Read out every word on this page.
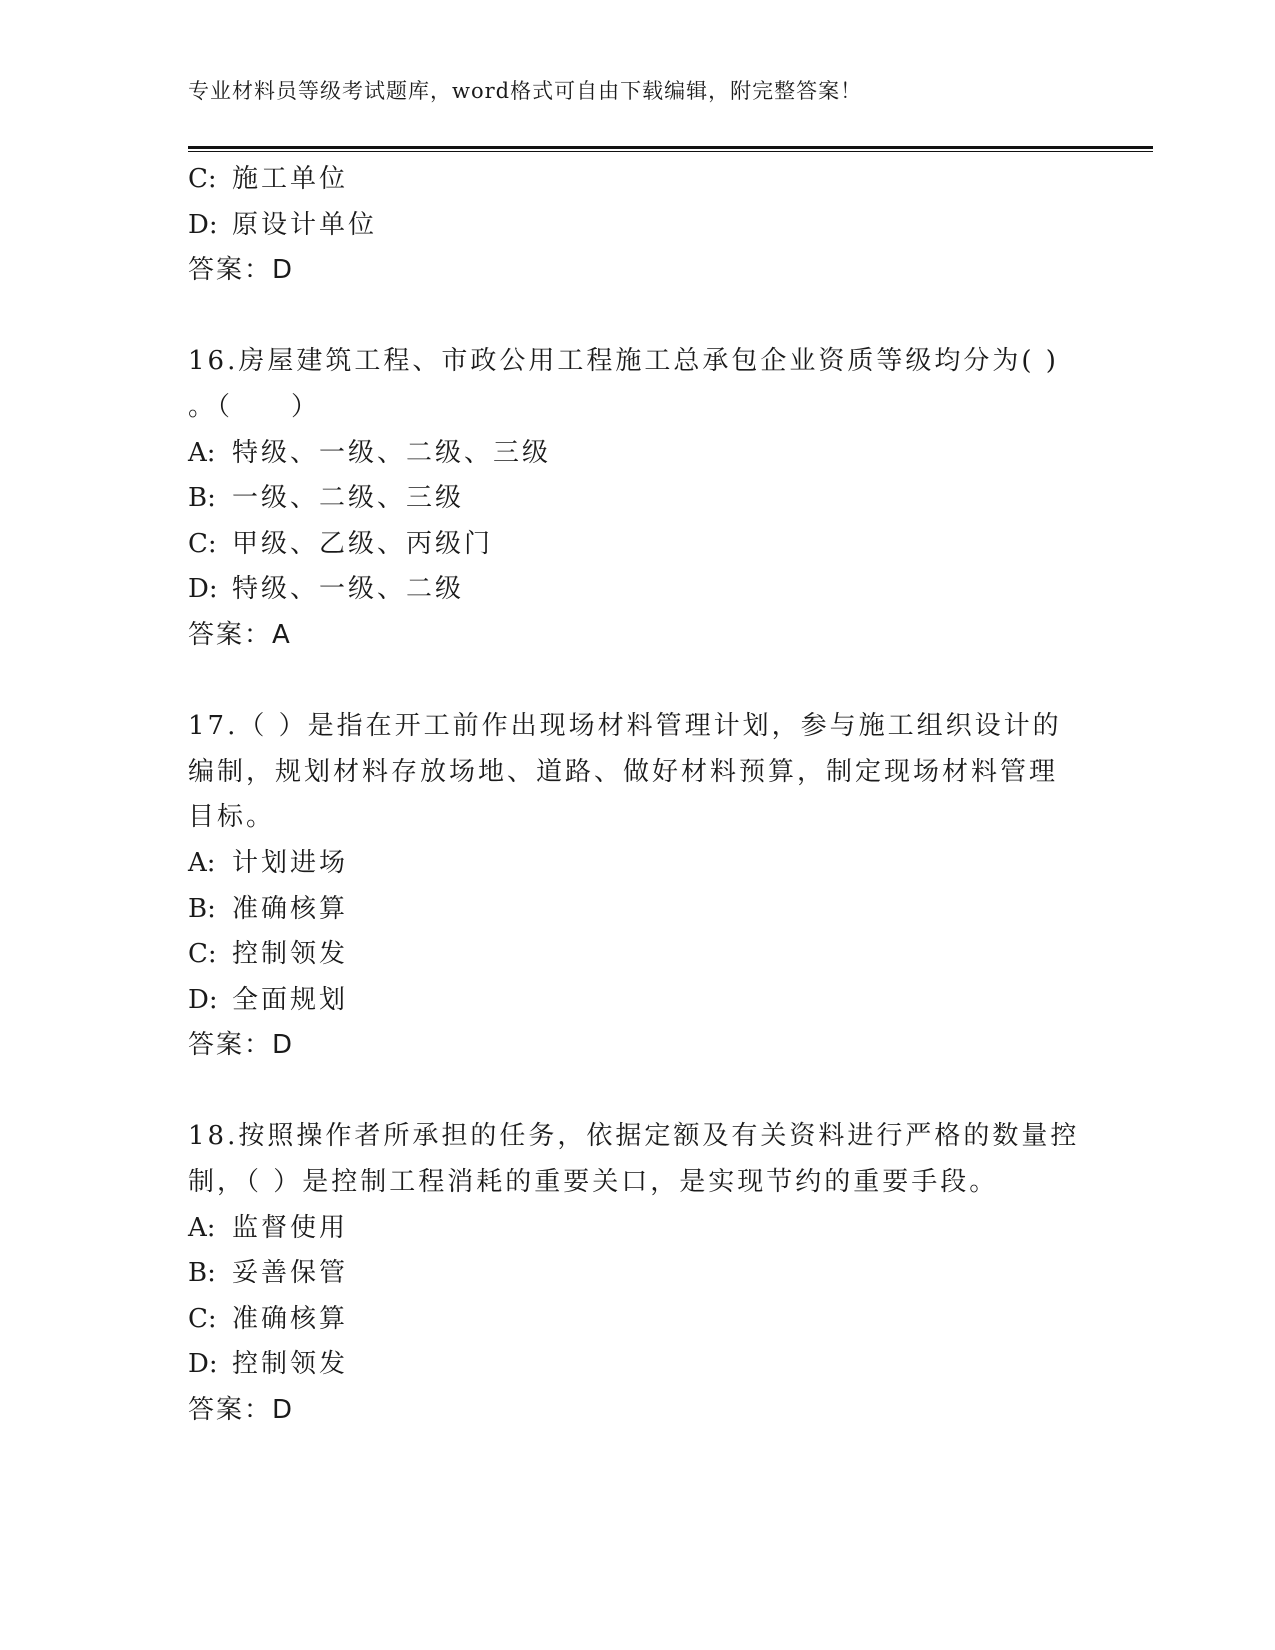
专业材料员等级考试题库，word格式可自由下载编辑，附完整答案！
C: 施工单位
D: 原设计单位
答案：D
16.房屋建筑工程、市政公用工程施工总承包企业资质等级均分为( )
。（　　）
A: 特级、一级、二级、三级
B: 一级、二级、三级
C: 甲级、乙级、丙级门
D: 特级、一级、二级
答案：A
17.（ ）是指在开工前作出现场材料管理计划，参与施工组织设计的
编制，规划材料存放场地、道路、做好材料预算，制定现场材料管理
目标。
A: 计划进场
B: 准确核算
C: 控制领发
D: 全面规划
答案：D
18.按照操作者所承担的任务，依据定额及有关资料进行严格的数量控
制，（ ）是控制工程消耗的重要关口，是实现节约的重要手段。
A: 监督使用
B: 妥善保管
C: 准确核算
D: 控制领发
答案：D
